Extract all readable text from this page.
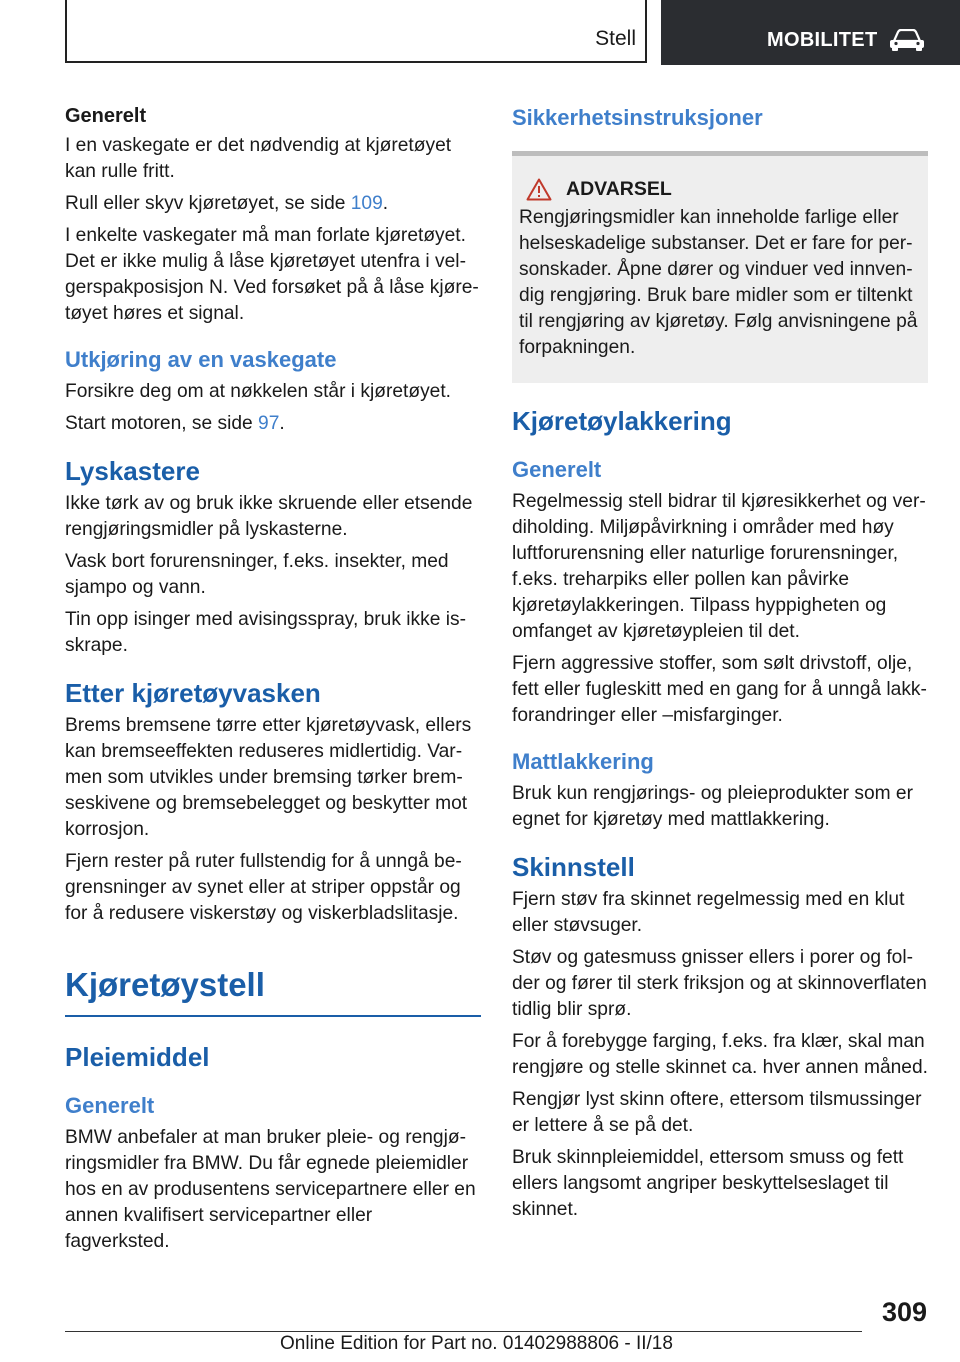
Stell	MOBILITET
Generelt

I en vaskegate er det nødvendig at kjøretøyet kan rulle fritt.

Rull eller skyv kjøretøyet, se side 109.

I enkelte vaskegater må man forlate kjøretøyet. Det er ikke mulig å låse kjøretøyet utenfra i velgerspakposisjon N. Ved forsøket på å låse kjøretøyet høres et signal.

Utkjøring av en vaskegate

Forsikre deg om at nøkkelen står i kjøretøyet.

Start motoren, se side 97.

Lyskastere

Ikke tørk av og bruk ikke skruende eller etsende rengjøringsmidler på lyskasterne.

Vask bort forurensninger, f.eks. insekter, med sjampo og vann.

Tin opp isinger med avisingsspray, bruk ikke isskrape.

Etter kjøretøyvasken

Brems bremsene tørre etter kjøretøyvask, ellers kan bremseeffekten reduseres midlertidig. Varmen som utvikles under bremsing tørker bremseskivene og bremsebelegget og beskytter mot korrosjon.

Fjern rester på ruter fullstendig for å unngå begrensninger av synet eller at striper oppstår og for å redusere viskerstøy og viskerbladslitasje.

Kjøretøystell
Pleiemiddel
Generelt

BMW anbefaler at man bruker pleie- og rengjøringsmidler fra BMW. Du får egnede pleiemidler hos en av produsentens servicepartnere eller en annen kvalifisert servicepartner eller fagverksted.

Sikkerhetsinstruksjoner
ADVARSEL

Rengjøringsmidler kan inneholde farlige eller helseskadelige substanser. Det er fare for personskader. Åpne dører og vinduer ved innvendig rengjøring. Bruk bare midler som er tiltenkt til rengjøring av kjøretøy. Følg anvisningene på forpakningen.

Kjøretøylakkering
Generelt

Regelmessig stell bidrar til kjøresikkerhet og verdiholding. Miljøpåvirkning i områder med høy luftforurensning eller naturlige forurensninger, f.eks. treharpiks eller pollen kan påvirke kjøretøylakkeringen. Tilpass hyppigheten og omfanget av kjøretøypleien til det.

Fjern aggressive stoffer, som sølt drivstoff, olje, fett eller fugleskitt med en gang for å unngå lakkforandringer eller –misfarginger.

Mattlakkering

Bruk kun rengjørings- og pleieprodukter som er egnet for kjøretøy med mattlakkering.

Skinnstell

Fjern støv fra skinnet regelmessig med en klut eller støvsuger.

Støv og gatesmuss gnisser ellers i porer og folder og fører til sterk friksjon og at skinnoverflaten tidlig blir sprø.

For å forebygge farging, f.eks. fra klær, skal man rengjøre og stelle skinnet ca. hver annen måned.

Rengjør lyst skinn oftere, ettersom tilsmussinger er lettere å se på det.

Bruk skinnpleiemiddel, ettersom smuss og fett ellers langsomt angriper beskyttelseslaget til skinnet.

309
Online Edition for Part no. 01402988806 - II/18
